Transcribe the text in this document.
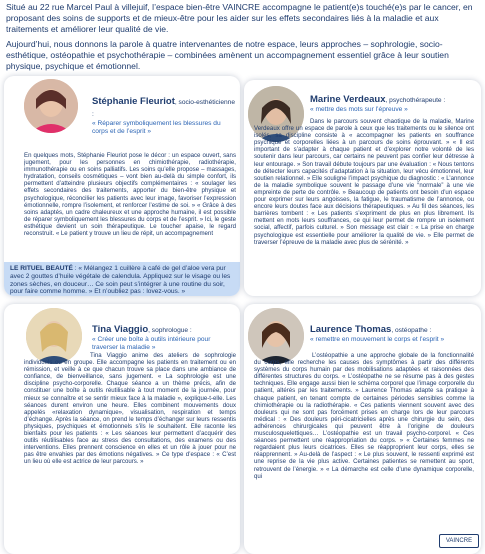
Situé au 22 rue Marcel Paul à villejuif, l’espace bien-être VAINCRE accompagne le patient(e)s touché(e)s par le cancer, en proposant des soins de supports et de mieux-être pour les aider sur les effets secondaires liés à la maladie et aux traitements et améliorer leur qualité de vie.

Aujourd’hui, nous donnons la parole à quatre intervenantes de notre espace, leurs approches – sophrologie, socio-esthétique, ostéopathie et psychothérapie – combinées amènent un accompagnement essentiel grâce à leur soutien physique, psychique et émotionnel.

Stéphanie Fleuriot, socio-esthéticienne :
« Réparer symboliquement les blessures du corps et de l’esprit »

En quelques mots, Stéphanie Fleuriot pose le décor : un espace ouvert, sans jugement, pour les personnes en chimiothérapie, radiothérapie, immunothérapie ou en soins palliatifs. Les soins qu’elle propose – massages, hydratation, conseils cosmétiques – vont bien au-delà du simple confort, ils permettent d’atteindre plusieurs objectifs complémentaires : « soulager les effets secondaires des traitements, apporter du bien-être physique et psychologique, réconcilier les patients avec leur image, favoriser l’expression émotionnelle, rompre l’isolement, et renforcer l’estime de soi. » « Grâce à des soins adaptés, un cadre chaleureux et une approche humaine, il est possible de réparer symboliquement les blessures du corps et de l’esprit. » Ici, le geste esthétique devient un soin thérapeutique. Le toucher apaise, le regard reconstruit. « Le patient y trouve un lieu de répit, un accompagnement

LE RITUEL BEAUTÉ : « Mélangez 1 cuillère à café de gel d’aloe vera pur avec 2 gouttes d’huile végétale de calendula. Appliquez sur le visage ou les zones sèches, en douceur… Ce soin peut s’intégrer à une routine du soir, pour faire comme homme. » Et n’oubliez pas : lovez-vous. »
Marine Verdeaux, psychothérapeute :
« mettre des mots sur l’épreuve »

Dans le parcours souvent chaotique de la maladie, Marine Verdeaux offre un espace de parole à ceux que les traitements ou le silence ont isolés, sa discipline consiste à « accompagner les patients en souffrance psychique et corporelles liées à un parcours de soins éprouvant. » « Il est important de s’adapter à chaque patient et d’explorer notre volonté de les soutenir dans leur parcours, car certains ne peuvent pas confier leur détresse à leur entourage. » Son travail débute toujours par une évaluation : « Nous tentons de détecter leurs capacités d’adaptation à la situation, leur vécu émotionnel, leur soutien relationnel. » Elle souligne l’impact psychique du diagnostic : « L’annonce de la maladie symbolique souvent le passage d’une vie “normale” à une vie empreinte de perte de contrôle. » Beaucoup de patients ont besoin d’un espace pour exprimer sur leurs angoisses, la fatigue, le traumatisme de l’annonce, ou encore leurs doutes face aux décisions thérapeutiques. » Au fil des séances, les barrières tombent : « Les patients s’expriment de plus en plus librement. Ils mettent en mots leurs souffrances, ce qui leur permet de rompre un isolement social, affectif, parfois culturel. » Son message est clair : « La prise en charge psychologique est essentielle pour améliorer la qualité de vie. » Elle permet de traverser l’épreuve de la maladie avec plus de sérénité. »

Tina Viaggio, sophrologue :
« Créer une boîte à outils intérieure pour traverser la maladie »

Tina Viaggio anime des ateliers de sophrologie individuels ou en groupe. Elle accompagne les patients en traitement ou en rémission, et veille à ce que chacun trouve sa place dans une ambiance de confiance, de bienveillance, sans jugement. « La sophrologie est une discipline psycho-corporelle. Chaque séance a un thème précis, afin de constituer une boîte à outils réutilisable à tout moment de la journée, pour mieux se connaître et se sentir mieux face à la maladie », explique-t-elle. Les séances durent environ une heure. Elles combinent mouvements doux appelés «relaxation dynamique», visualisation, respiration et temps d’échange. Après la séance, on prend le temps d’échanger sur leurs ressentis physiques, psychiques et émotionnels s’ils le souhaitent. Elle raconte les bienfaits pour les patients : « Les séances leur permettent d’acquérir des outils réutilisables face au stress des consultations, des examens ou des interventions. Elles prennent conscience en elles et un rôle à jouer pour ne pas être envahies par des émotions négatives. » Ce type d’espace : « C’est un lieu où elle est actrice de leur parcours. »

Laurence Thomas, ostéopathe :
« remettre en mouvement le corps et l’esprit »

L’ostéopathie a une approche globale de la fonctionnalité du corps, elle recherche les causes des symptômes à partir des différents systèmes du corps humain par des mobilisations adaptées et raisonnées des différentes structures du corps. « L’ostéopathe ne se résume pas à des gestes techniques. Elle engage aussi bien le schéma corporel que l’image corporelle du patient, altérés par les traitements. » Laurence Thomas adapte sa pratique à chaque patient, en tenant compte de certaines périodes sensibles comme la chimiothérapie ou la radiothérapie. « Ces patients viennent souvent avec des douleurs qui ne sont pas forcément prises en charge lors de leur parcours médical : « Des douleurs péri-cicatricielles après une chirurgie du sein, des adhérences chirurgicales qui peuvent être à l’origine de douleurs musculosquelettiques… L’ostéopathie est un travail psycho-corporel. « Ces séances permettent une réappropriation du corps. » « Certaines femmes ne regardaient plus leurs cicatrices. Elles se réapproprient leur corps, elles se réapprennent. » Au-delà de l’aspect : « Le plus souvent, le ressenti exprimé est une reprise de la vie plus active. Certaines patientes se remettent au sport, retrouvent de l’énergie. » « La démarche est celle d’une dynamique corporelle, qui

VAINCRE
